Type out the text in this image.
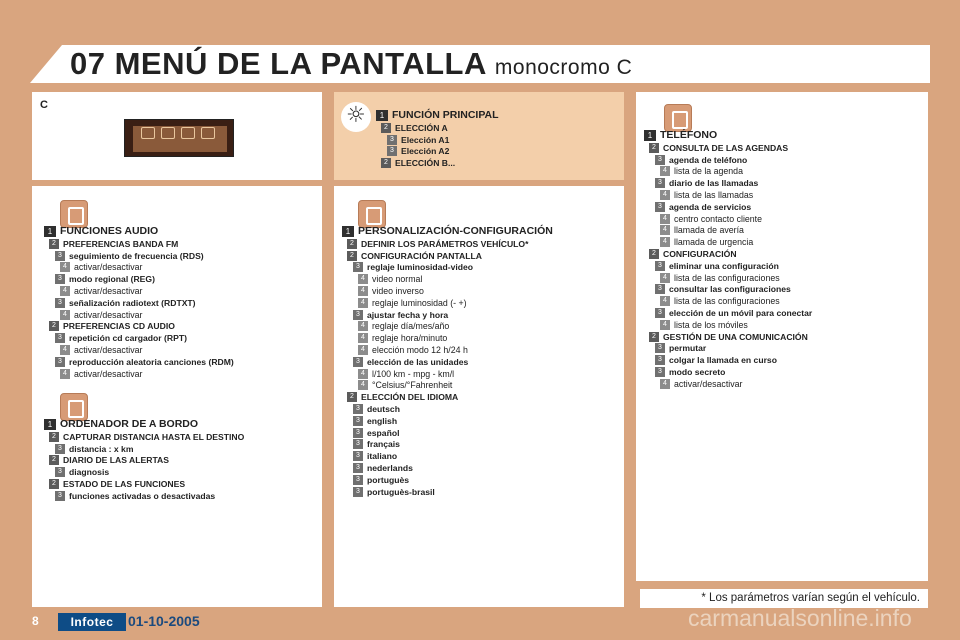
07 MENÚ DE LA PANTALLA monocromo C
C
1 FUNCIONES AUDIO
2 PREFERENCIAS BANDA FM
3 seguimiento de frecuencia (RDS)
4 activar/desactivar
3 modo regional (REG)
4 activar/desactivar
3 señalización radiotext (RDTXT)
4 activar/desactivar
2 PREFERENCIAS CD AUDIO
3 repetición cd cargador (RPT)
4 activar/desactivar
3 reproducción aleatoria canciones (RDM)
4 activar/desactivar
1 ORDENADOR DE A BORDO
2 CAPTURAR DISTANCIA HASTA EL DESTINO
3 distancia : x km
2 DIARIO DE LAS ALERTAS
3 diagnosis
2 ESTADO DE LAS FUNCIONES
3 funciones activadas o desactivadas
☼
1 FUNCIÓN PRINCIPAL
2 ELECCIÓN A
3 Elección A1
3 Elección A2
2 ELECCIÓN B...
1 PERSONALIZACIÓN-CONFIGURACIÓN
2 DEFINIR LOS PARÁMETROS VEHÍCULO*
2 CONFIGURACIÓN PANTALLA
3 reglaje luminosidad-video
4 video normal
4 video inverso
4 reglaje luminosidad (- +)
3 ajustar fecha y hora
4 reglaje día/mes/año
4 reglaje hora/minuto
4 elección modo 12 h/24 h
3 elección de las unidades
4 l/100 km - mpg - km/l
4 °Celsius/°Fahrenheit
2 ELECCIÓN DEL IDIOMA
3 deutsch
3 english
3 español
3 français
3 italiano
3 nederlands
3 portuguès
3 portuguès-brasil
1 TELÉFONO
2 CONSULTA DE LAS AGENDAS
3 agenda de teléfono
4 lista de la agenda
3 diario de las llamadas
4 lista de las llamadas
3 agenda de servicios
4 centro contacto cliente
4 llamada de avería
4 llamada de urgencia
2 CONFIGURACIÓN
3 eliminar una configuración
4 lista de las configuraciones
3 consultar las configuraciones
4 lista de las configuraciones
3 elección de un móvil para conectar
4 lista de los móviles
2 GESTIÓN DE UNA COMUNICACIÓN
3 permutar
3 colgar la llamada en curso
3 modo secreto
4 activar/desactivar
* Los parámetros varían según el vehículo.
8	Infotec	01-10-2005	carmanualsonline.info
